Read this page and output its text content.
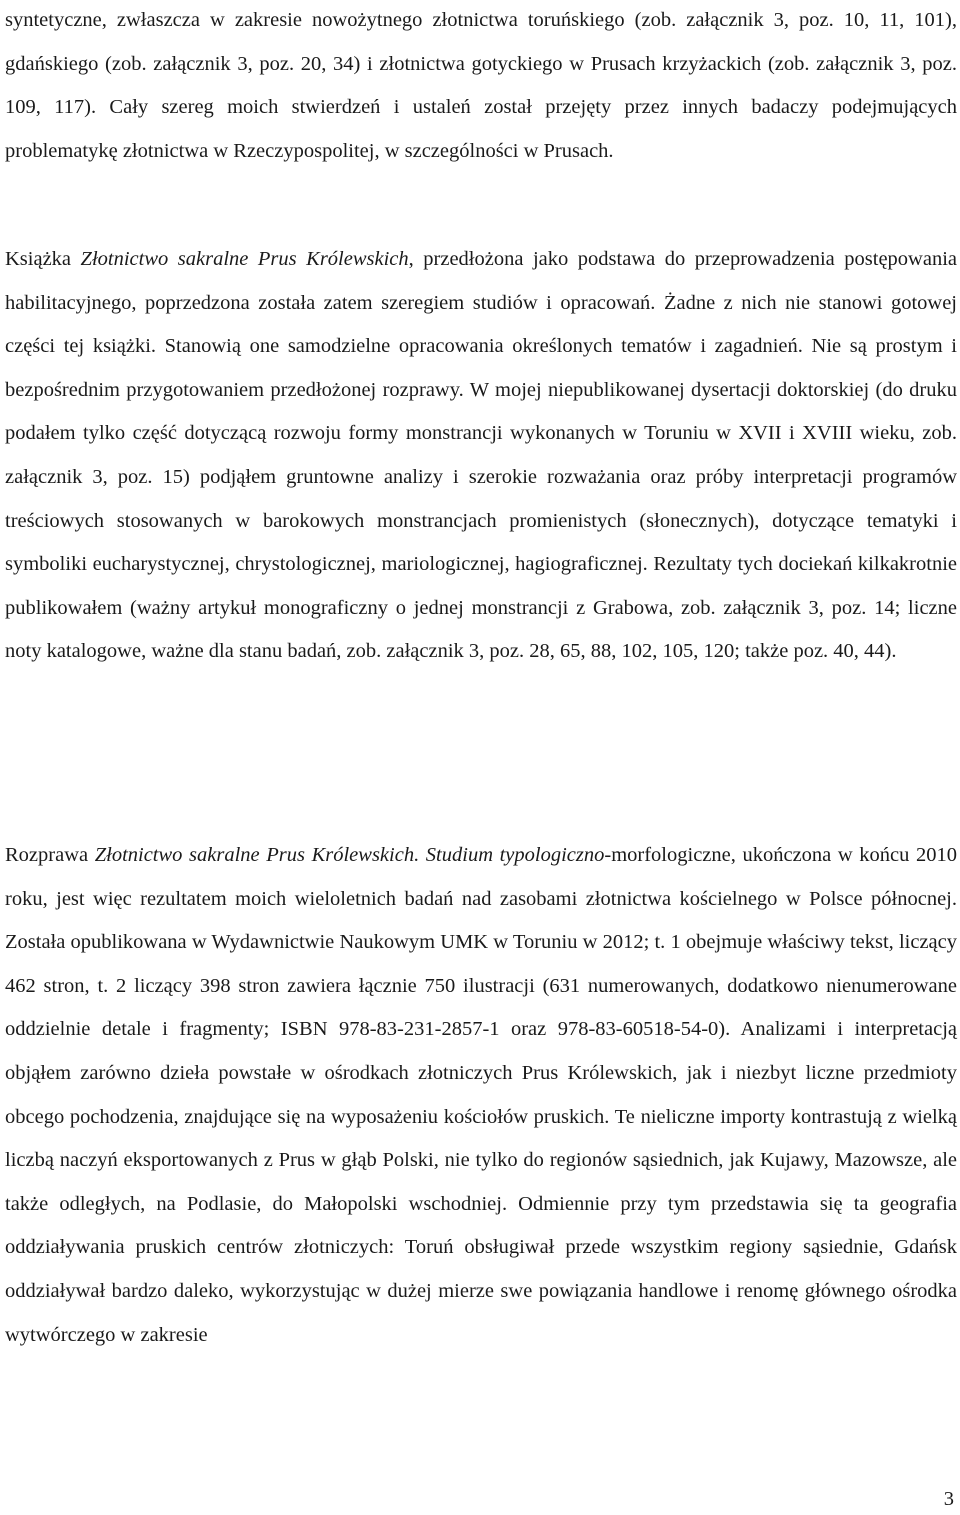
syntetyczne, zwłaszcza w zakresie nowożytnego złotnictwa toruńskiego (zob. załącznik 3, poz. 10, 11, 101), gdańskiego (zob. załącznik 3, poz. 20, 34) i złotnictwa gotyckiego w Prusach krzyżackich (zob. załącznik 3, poz. 109, 117). Cały szereg moich stwierdzeń i ustaleń został przejęty przez innych badaczy podejmujących problematykę złotnictwa w Rzeczypospolitej, w szczególności w Prusach.

Książka Złotnictwo sakralne Prus Królewskich, przedłożona jako podstawa do przeprowadzenia postępowania habilitacyjnego, poprzedzona została zatem szeregiem studiów i opracowań. Żadne z nich nie stanowi gotowej części tej książki. Stanowią one samodzielne opracowania określonych tematów i zagadnień. Nie są prostym i bezpośrednim przygotowaniem przedłożonej rozprawy. W mojej niepublikowanej dysertacji doktorskiej (do druku podałem tylko część dotyczącą rozwoju formy monstrancji wykonanych w Toruniu w XVII i XVIII wieku, zob. załącznik 3, poz. 15) podjąłem gruntowne analizy i szerokie rozważania oraz próby interpretacji programów treściowych stosowanych w barokowych monstrancjach promienistych (słonecznych), dotyczące tematyki i symboliki eucharystycznej, chrystologicznej, mariologicznej, hagiograficznej. Rezultaty tych dociekań kilkakrotnie publikowałem (ważny artykuł monograficzny o jednej monstrancji z Grabowa, zob. załącznik 3, poz. 14; liczne noty katalogowe, ważne dla stanu badań, zob. załącznik 3, poz. 28, 65, 88, 102, 105, 120; także poz. 40, 44).

Rozprawa Złotnictwo sakralne Prus Królewskich. Studium typologiczno-morfologiczne, ukończona w końcu 2010 roku, jest więc rezultatem moich wieloletnich badań nad zasobami złotnictwa kościelnego w Polsce północnej. Została opublikowana w Wydawnictwie Naukowym UMK w Toruniu w 2012; t. 1 obejmuje właściwy tekst, liczący 462 stron, t. 2 liczący 398 stron zawiera łącznie 750 ilustracji (631 numerowanych, dodatkowo nienumerowane oddzielnie detale i fragmenty; ISBN 978-83-231-2857-1 oraz 978-83-60518-54-0). Analizami i interpretacją objąłem zarówno dzieła powstałe w ośrodkach złotniczych Prus Królewskich, jak i niezbyt liczne przedmioty obcego pochodzenia, znajdujące się na wyposażeniu kościołów pruskich. Te nieliczne importy kontrastują z wielką liczbą naczyń eksportowanych z Prus w głąb Polski, nie tylko do regionów sąsiednich, jak Kujawy, Mazowsze, ale także odległych, na Podlasie, do Małopolski wschodniej. Odmiennie przy tym przedstawia się ta geografia oddziaływania pruskich centrów złotniczych: Toruń obsługiwał przede wszystkim regiony sąsiednie, Gdańsk oddziaływał bardzo daleko, wykorzystując w dużej mierze swe powiązania handlowe i renomę głównego ośrodka wytwórczego w zakresie

3
